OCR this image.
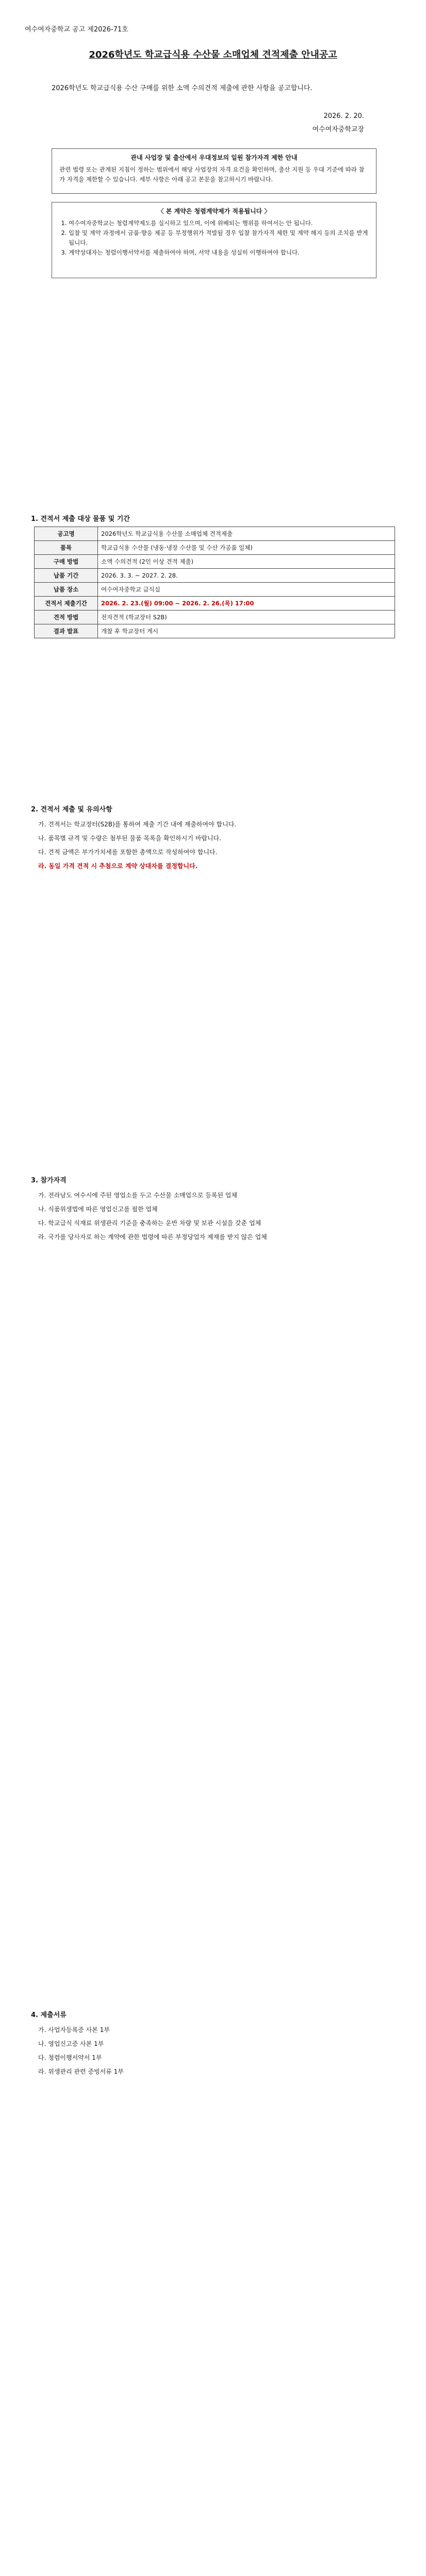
여수여자중학교 공고 제2026-71호
2026학년도 학교급식용 수산물 소매업체 견적제출 안내공고
2026학년도 학교급식용 수산 구매를 위한 소액 수의견적 제출에 관한 사항을 공고합니다.
2026. 2. 20.
여수여자중학교장
관내 사업장 및 출산에서 우대정보의 일원 참가자격 제한 안내
관련 법령 또는 관계된 지침이 정하는 범위에서 해당 사업장의 자격 요건을 확인하며, 출산 지원 등 우대 기준에 따라 참가 자격을 제한할 수 있습니다. 세부 사항은 아래 공고 본문을 참고하시기 바랍니다.
〈 본 계약은 청렴계약제가 적용됩니다 〉
1. 여수여자중학교는 청렴계약제도를 실시하고 있으며, 이에 위배되는 행위를 하여서는 안 됩니다.
2. 입찰 및 계약 과정에서 금품·향응 제공 등 부정행위가 적발될 경우 입찰 참가자격 제한 및 계약 해지 등의 조치를 받게 됩니다.
3. 계약상대자는 청렴이행서약서를 제출하여야 하며, 서약 내용을 성실히 이행하여야 합니다.
1. 견적서 제출 대상 물품 및 기간
공고명	2026학년도 학교급식용 수산물 소매업체 견적제출
품목	학교급식용 수산물 (냉동·냉장 수산물 및 수산 가공품 일체)
구매 방법	소액 수의견적 (2인 이상 견적 제출)
납품 기간	2026. 3. 3. ~ 2027. 2. 28.
납품 장소	여수여자중학교 급식실
견적서 제출기간	2026. 2. 23.(월) 09:00 ~ 2026. 2. 26.(목) 17:00
견적 방법	전자견적 (학교장터 S2B)
결과 발표	개찰 후 학교장터 게시
2. 견적서 제출 및 유의사항

가. 견적서는 학교장터(S2B)를 통하여 제출 기간 내에 제출하여야 합니다.

나. 품목별 규격 및 수량은 첨부된 물품 목록을 확인하시기 바랍니다.

다. 견적 금액은 부가가치세를 포함한 총액으로 작성하여야 합니다.

라. 동일 가격 견적 시 추첨으로 계약 상대자를 결정합니다.

3. 참가자격

가. 전라남도 여수시에 주된 영업소를 두고 수산물 소매업으로 등록된 업체

나. 식품위생법에 따른 영업신고를 필한 업체

다. 학교급식 식재료 위생관리 기준을 충족하는 운반 차량 및 보관 시설을 갖춘 업체

라. 국가를 당사자로 하는 계약에 관한 법령에 따른 부정당업자 제재를 받지 않은 업체

4. 제출서류

가. 사업자등록증 사본 1부

나. 영업신고증 사본 1부

다. 청렴이행서약서 1부

라. 위생관리 관련 증빙서류 1부
